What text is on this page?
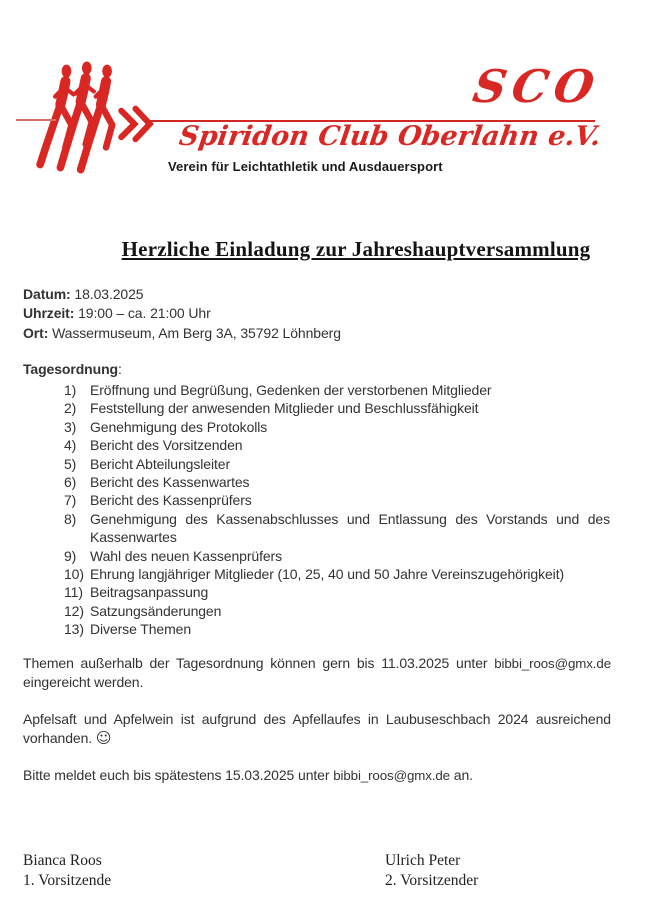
SCO
Spiridon Club Oberlahn e.V.
Verein für Leichtathletik und Ausdauersport
Herzliche Einladung zur Jahreshauptversammlung
Datum: 18.03.2025
Uhrzeit: 19:00 – ca. 21:00 Uhr
Ort: Wassermuseum, Am Berg 3A, 35792 Löhnberg
Tagesordnung:
1) Eröffnung und Begrüßung, Gedenken der verstorbenen Mitglieder
2) Feststellung der anwesenden Mitglieder und Beschlussfähigkeit
3) Genehmigung des Protokolls
4) Bericht des Vorsitzenden
5) Bericht Abteilungsleiter
6) Bericht des Kassenwartes
7) Bericht des Kassenprüfers
8) Genehmigung des Kassenabschlusses und Entlassung des Vorstands und des Kassenwartes
9) Wahl des neuen Kassenprüfers
10) Ehrung langjähriger Mitglieder (10, 25, 40 und 50 Jahre Vereinszugehörigkeit)
11) Beitragsanpassung
12) Satzungsänderungen
13) Diverse Themen
Themen außerhalb der Tagesordnung können gern bis 11.03.2025 unter bibbi_roos@gmx.de eingereicht werden.
Apfelsaft und Apfelwein ist aufgrund des Apfellaufes in Laubuseschbach 2024 ausreichend vorhanden. ☺
Bitte meldet euch bis spätestens 15.03.2025 unter bibbi_roos@gmx.de an.
Bianca Roos
1. Vorsitzende
Ulrich Peter
2. Vorsitzender
